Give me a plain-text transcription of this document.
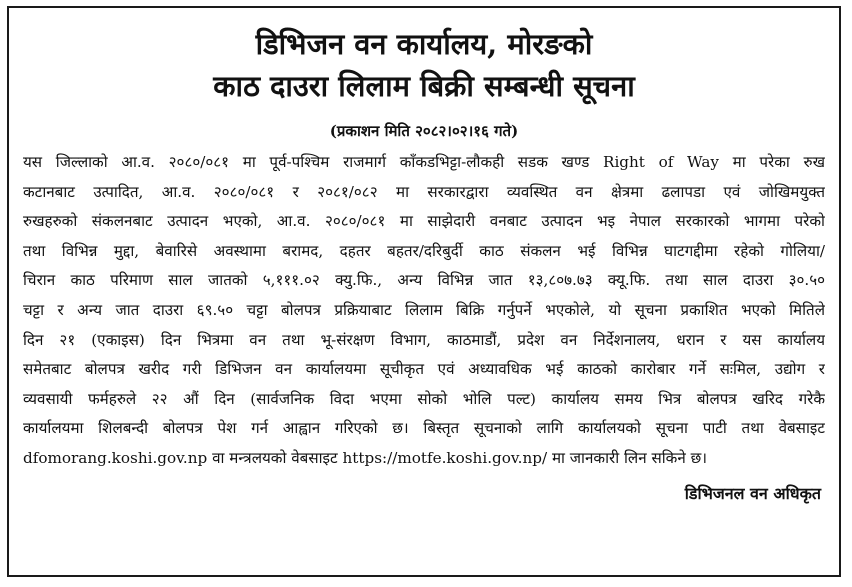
डिभिजन वन कार्यालय, मोरङको
काठ दाउरा लिलाम बिक्री सम्बन्धी सूचना
(प्रकाशन मिति २०८२।०२।१६ गते)
यस जिल्लाको आ.व. २०८०/०८१ मा पूर्व-पश्चिम राजमार्ग काँकडभिट्टा-लौकही सडक खण्ड Right of Way मा परेका रुख
कटानबाट उत्पादित, आ.व. २०८०/०८१ र २०८१/०८२ मा सरकारद्वारा व्यवस्थित वन क्षेत्रमा ढलापडा एवं जोखिमयुक्त
रुखहरुको संकलनबाट उत्पादन भएको, आ.व. २०८०/०८१ मा साझेदारी वनबाट उत्पादन भइ नेपाल सरकारको भागमा परेको
तथा विभिन्न मुद्दा, बेवारिसे अवस्थामा बरामद, दहतर बहतर/दरिबुर्दी काठ संकलन भई विभिन्न घाटगद्दीमा रहेको गोलिया/
चिरान काठ परिमाण साल जातको ५,१११.०२ क्यु.फि., अन्य विभिन्न जात १३,८०७.७३ क्यू.फि. तथा साल दाउरा ३०.५०
चट्टा र अन्य जात दाउरा ६९.५० चट्टा बोलपत्र प्रक्रियाबाट लिलाम बिक्रि गर्नुपर्ने भएकोले, यो सूचना प्रकाशित भएको मितिले
दिन २१ (एकाइस) दिन भित्रमा वन तथा भू-संरक्षण विभाग, काठमाडौं, प्रदेश वन निर्देशनालय, धरान र यस कार्यालय
समेतबाट बोलपत्र खरीद गरी डिभिजन वन कार्यालयमा सूचीकृत एवं अध्यावधिक भई काठको कारोबार गर्ने सःमिल, उद्योग र
व्यवसायी फर्महरुले २२ औं दिन (सार्वजनिक विदा भएमा सोको भोलि पल्ट) कार्यालय समय भित्र बोलपत्र खरिद गरेकै
कार्यालयमा शिलबन्दी बोलपत्र पेश गर्न आह्वान गरिएको छ। बिस्तृत सूचनाको लागि कार्यालयको सूचना पाटी तथा वेबसाइट
dfomorang.koshi.gov.np वा मन्त्रलयको वेबसाइट https://motfe.koshi.gov.np/ मा जानकारी लिन सकिने छ।
डिभिजनल वन अधिकृत
